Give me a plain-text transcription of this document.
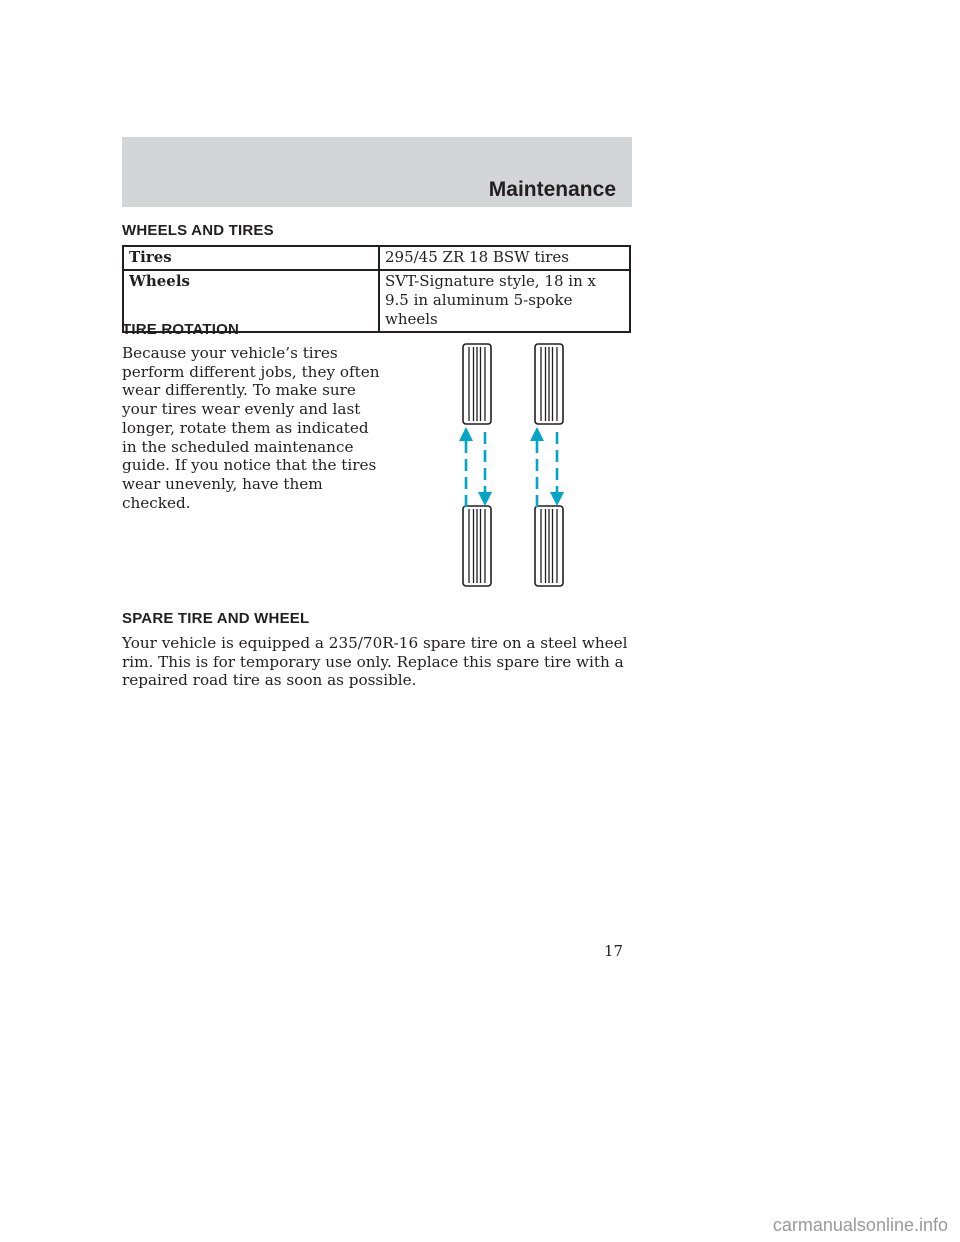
Maintenance
WHEELS AND TIRES
Tires	295/45 ZR 18 BSW tires
Wheels	SVT-Signature style, 18 in x 9.5 in aluminum 5-spoke wheels
TIRE ROTATION

Because your vehicle’s tires perform different jobs, they often wear differently. To make sure your tires wear evenly and last longer, rotate them as indicated in the scheduled maintenance guide. If you notice that the tires wear unevenly, have them checked.

SPARE TIRE AND WHEEL

Your vehicle is equipped a 235/70R-16 spare tire on a steel wheel rim. This is for temporary use only. Replace this spare tire with a repaired road tire as soon as possible.

17
carmanualsonline.info
